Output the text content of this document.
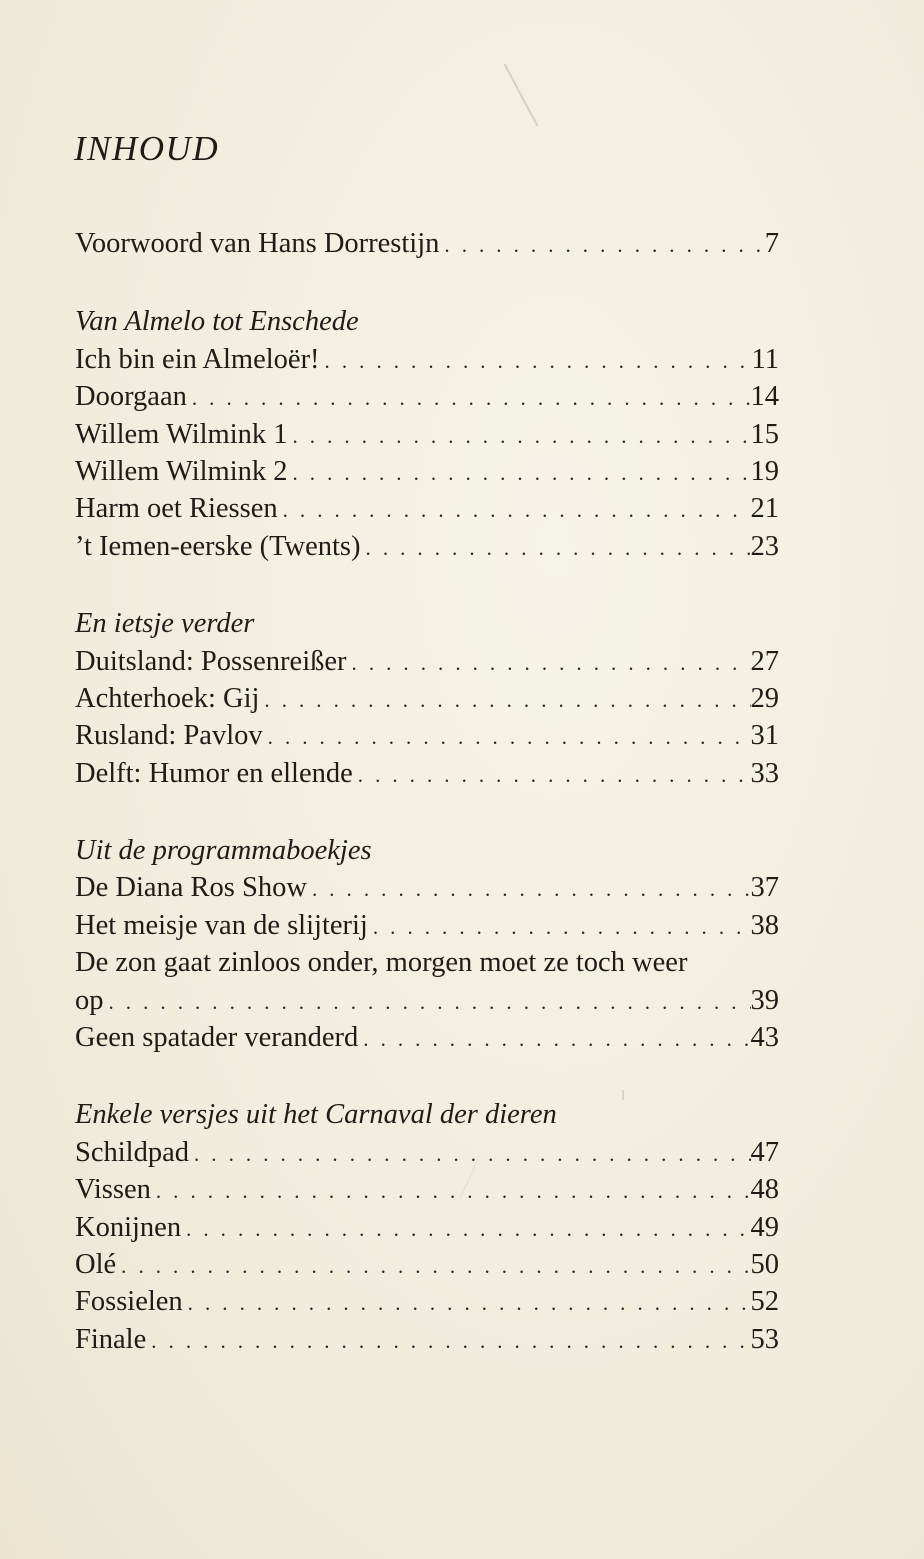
INHOUD
Voorwoord van Hans Dorrestijn . . .	7
Van Almelo tot Enschede
Ich bin ein Almeloër! . . .	11
Doorgaan . . .	14
Willem Wilmink 1 . . .	15
Willem Wilmink 2 . . .	19
Harm oet Riessen . . .	21
’t Iemen-eerske (Twents) . . .	23
En ietsje verder
Duitsland: Possenreißer . . .	27
Achterhoek: Gij . . .	29
Rusland: Pavlov . . .	31
Delft: Humor en ellende . . .	33
Uit de programmaboekjes
De Diana Ros Show . . .	37
Het meisje van de slijterij . . .	38
De zon gaat zinloos onder, morgen moet ze toch weer
op . . .	39
Geen spatader veranderd . . .	43
Enkele versjes uit het Carnaval der dieren
Schildpad . . .	47
Vissen . . .	48
Konijnen . . .	49
Olé . . .	50
Fossielen . . .	52
Finale . . .	53
